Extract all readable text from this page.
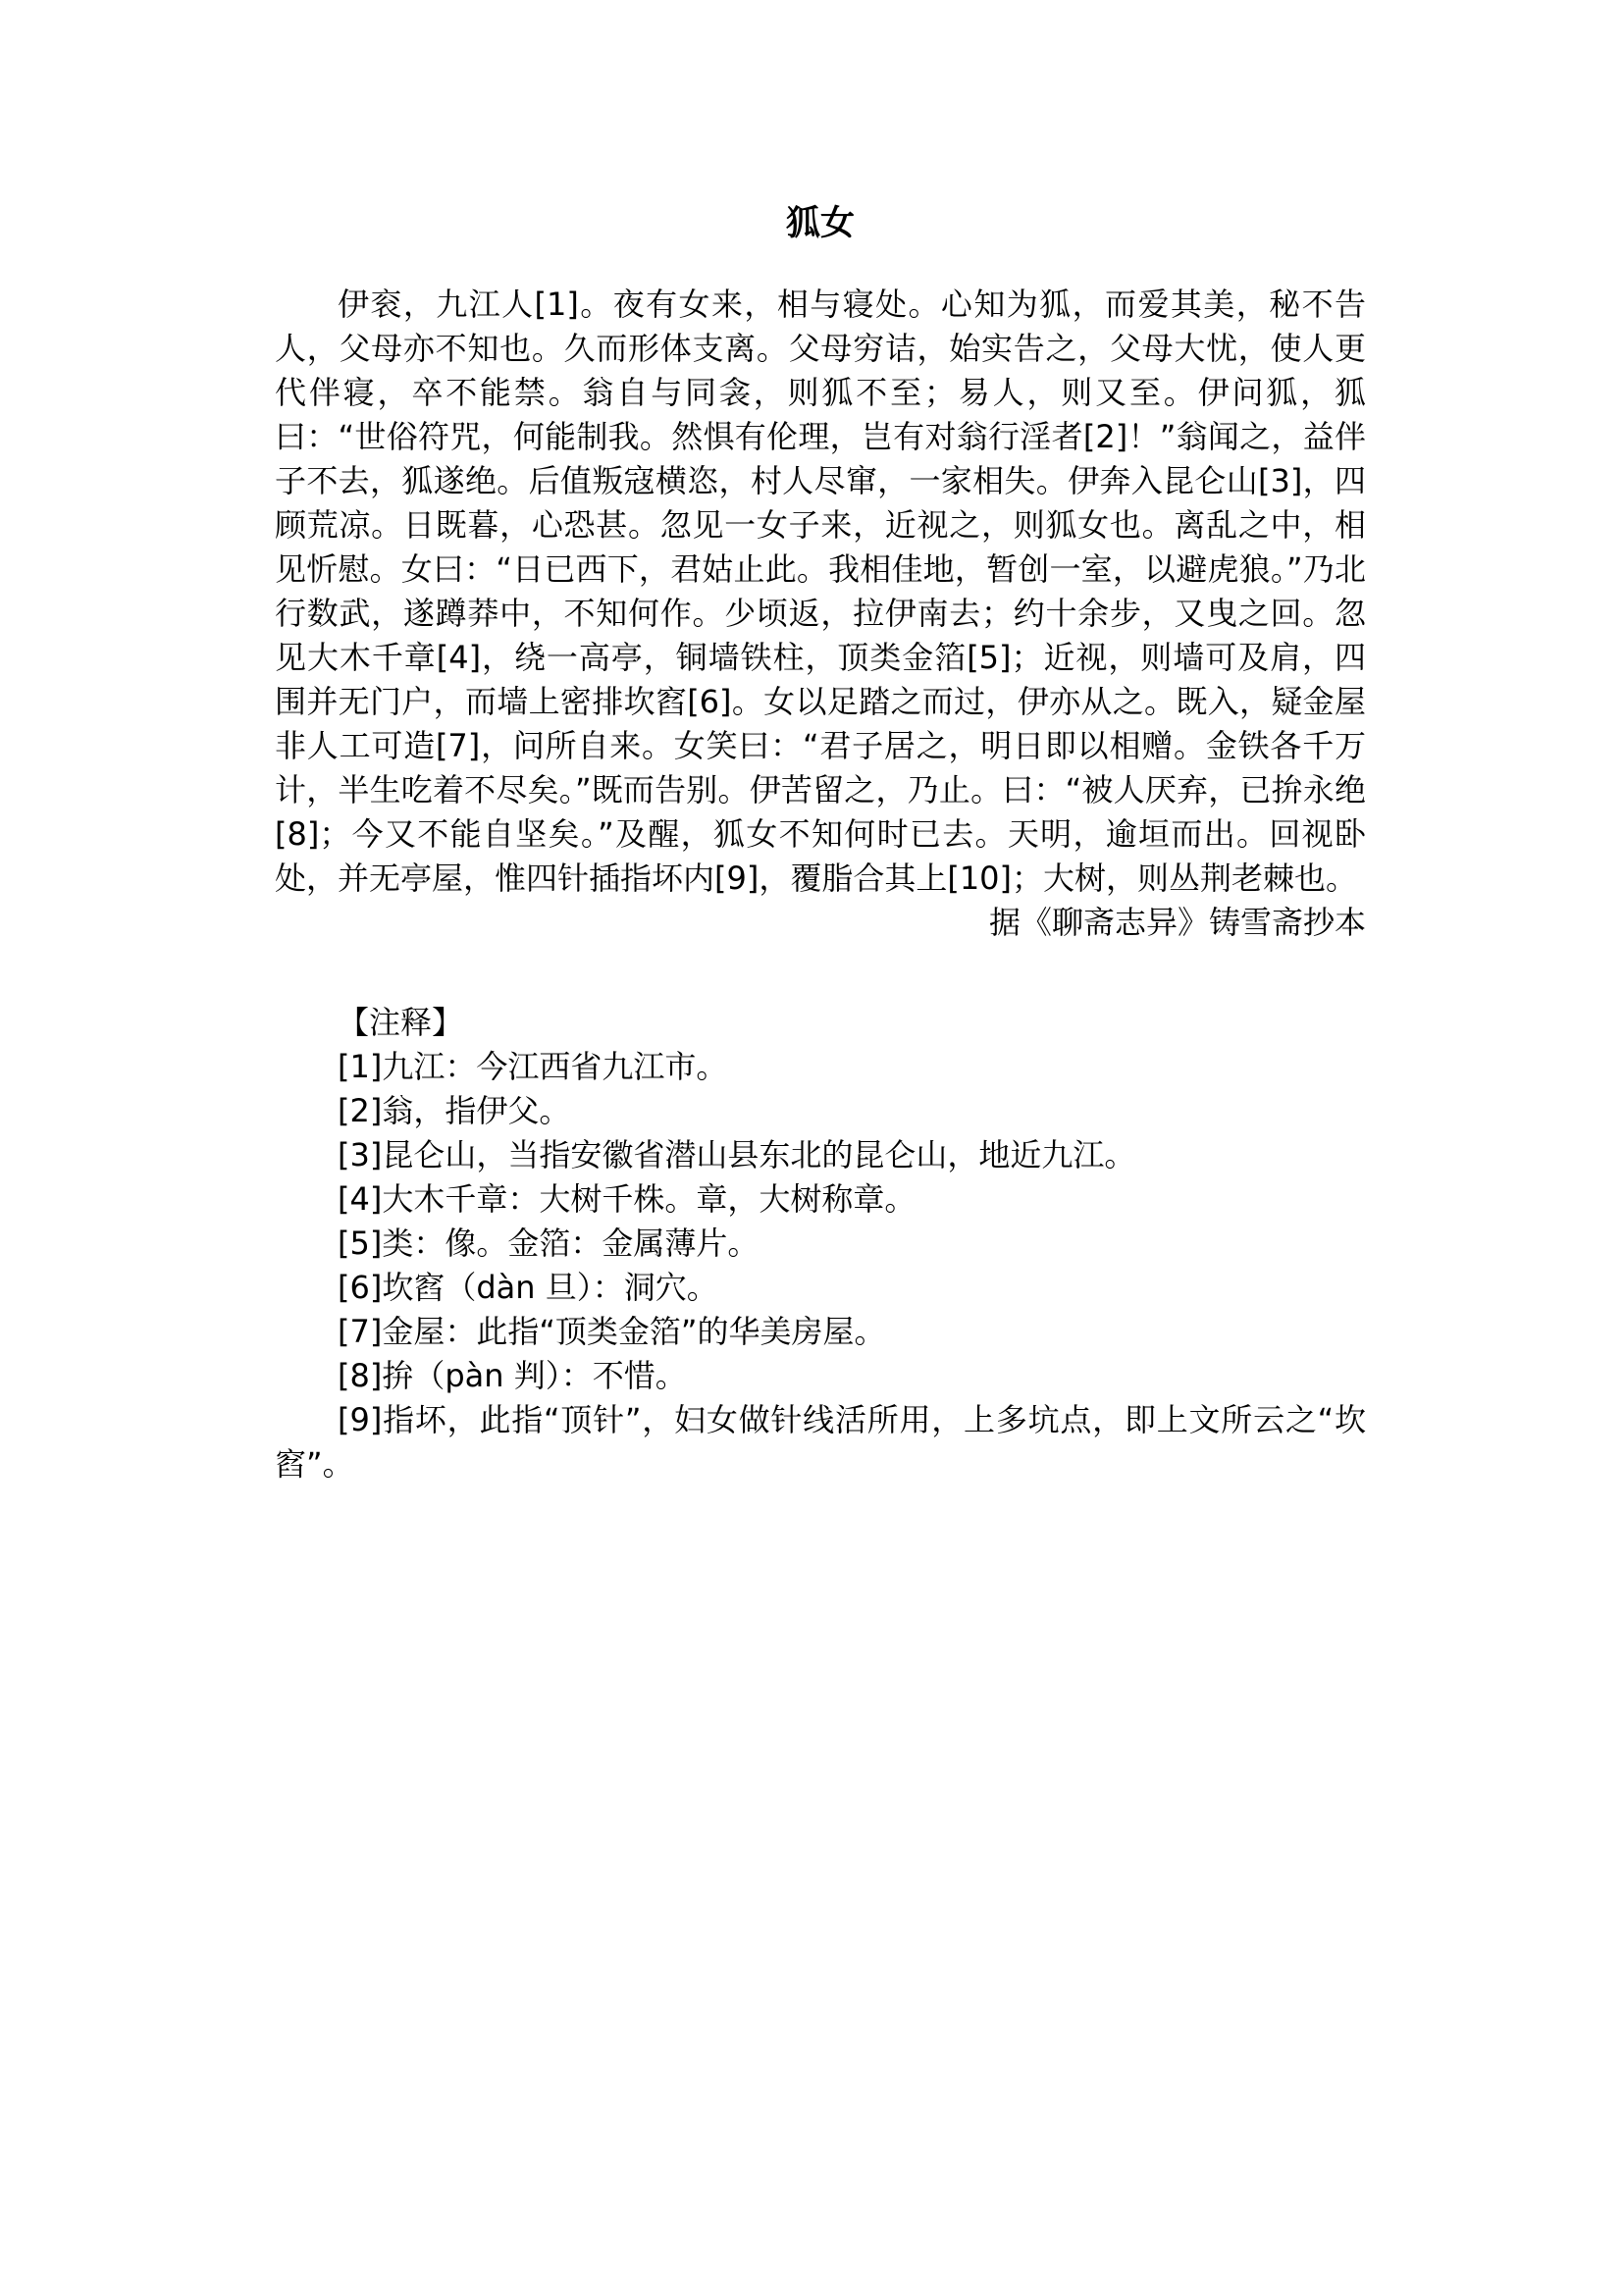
狐女

伊衮，九江人[1]。夜有女来，相与寝处。心知为狐，而爱其美，秘不告人，父母亦不知也。久而形体支离。父母穷诘，始实告之，父母大忧，使人更代伴寝，卒不能禁。翁自与同衾，则狐不至；易人，则又至。伊问狐，狐曰：“世俗符咒，何能制我。然惧有伦理，岂有对翁行淫者[2]！”翁闻之，益伴子不去，狐遂绝。后值叛寇横恣，村人尽窜，一家相失。伊奔入昆仑山[3]，四顾荒凉。日既暮，心恐甚。忽见一女子来，近视之，则狐女也。离乱之中，相见忻慰。女曰：“日已西下，君姑止此。我相佳地，暂创一室，以避虎狼。”乃北行数武，遂蹲莽中，不知何作。少顷返，拉伊南去；约十余步，又曳之回。忽见大木千章[4]，绕一高亭，铜墙铁柱，顶类金箔[5]；近视，则墙可及肩，四围并无门户，而墙上密排坎窞[6]。女以足踏之而过，伊亦从之。既入，疑金屋非人工可造[7]，问所自来。女笑曰：“君子居之，明日即以相赠。金铁各千万计，半生吃着不尽矣。”既而告别。伊苦留之，乃止。曰：“被人厌弃，已拚永绝[8]；今又不能自坚矣。”及醒，狐女不知何时已去。天明，逾垣而出。回视卧处，并无亭屋，惟四针插指坏内[9]，覆脂合其上[10]；大树，则丛荆老棘也。

据《聊斋志异》铸雪斋抄本

【注释】

[1]九江：今江西省九江市。

[2]翁，指伊父。

[3]昆仑山，当指安徽省潜山县东北的昆仑山，地近九江。

[4]大木千章：大树千株。章，大树称章。

[5]类：像。金箔：金属薄片。

[6]坎窞（dàn 旦）：洞穴。

[7]金屋：此指“顶类金箔”的华美房屋。

[8]拚（pàn 判）：不惜。

[9]指坏，此指“顶针”，妇女做针线活所用，上多坑点，即上文所云之“坎窞”。
